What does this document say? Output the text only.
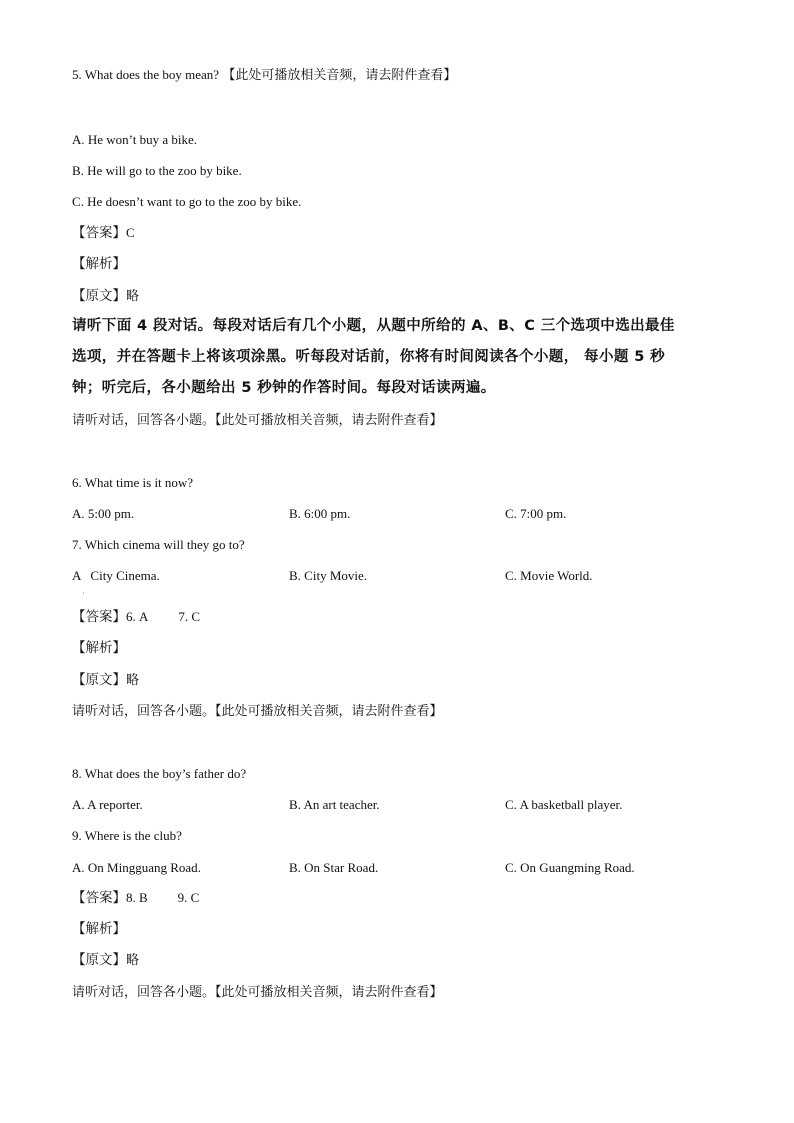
5. What does the boy mean? 【此处可播放相关音频，请去附件查看】
A. He won’t buy a bike.
B. He will go to the zoo by bike.
C. He doesn’t want to go to the zoo by bike.
【答案】C
【解析】
【原文】略
请听下面 4 段对话。每段对话后有几个小题，从题中所给的 A、B、C 三个选项中选出最佳
选项，并在答题卡上将该项涂黑。听每段对话前，你将有时间阅读各个小题， 每小题 5 秒
钟；听完后，各小题给出 5 秒钟的作答时间。每段对话读两遍。
请听对话，回答各小题。【此处可播放相关音频，请去附件查看】
6. What time is it now?
A. 5:00 pm.	B. 6:00 pm.	C. 7:00 pm.
7. Which cinema will they go to?
A   City Cinema.	B. City Movie.	C. Movie World.
·
【答案】6. A 7. C
【解析】
【原文】略
请听对话，回答各小题。【此处可播放相关音频，请去附件查看】
8. What does the boy’s father do?
A. A reporter.	B. An art teacher.	C. A basketball player.
9. Where is the club?
A. On Mingguang Road.	B. On Star Road.	C. On Guangming Road.
【答案】8. B 9. C
【解析】
【原文】略
请听对话，回答各小题。【此处可播放相关音频，请去附件查看】
